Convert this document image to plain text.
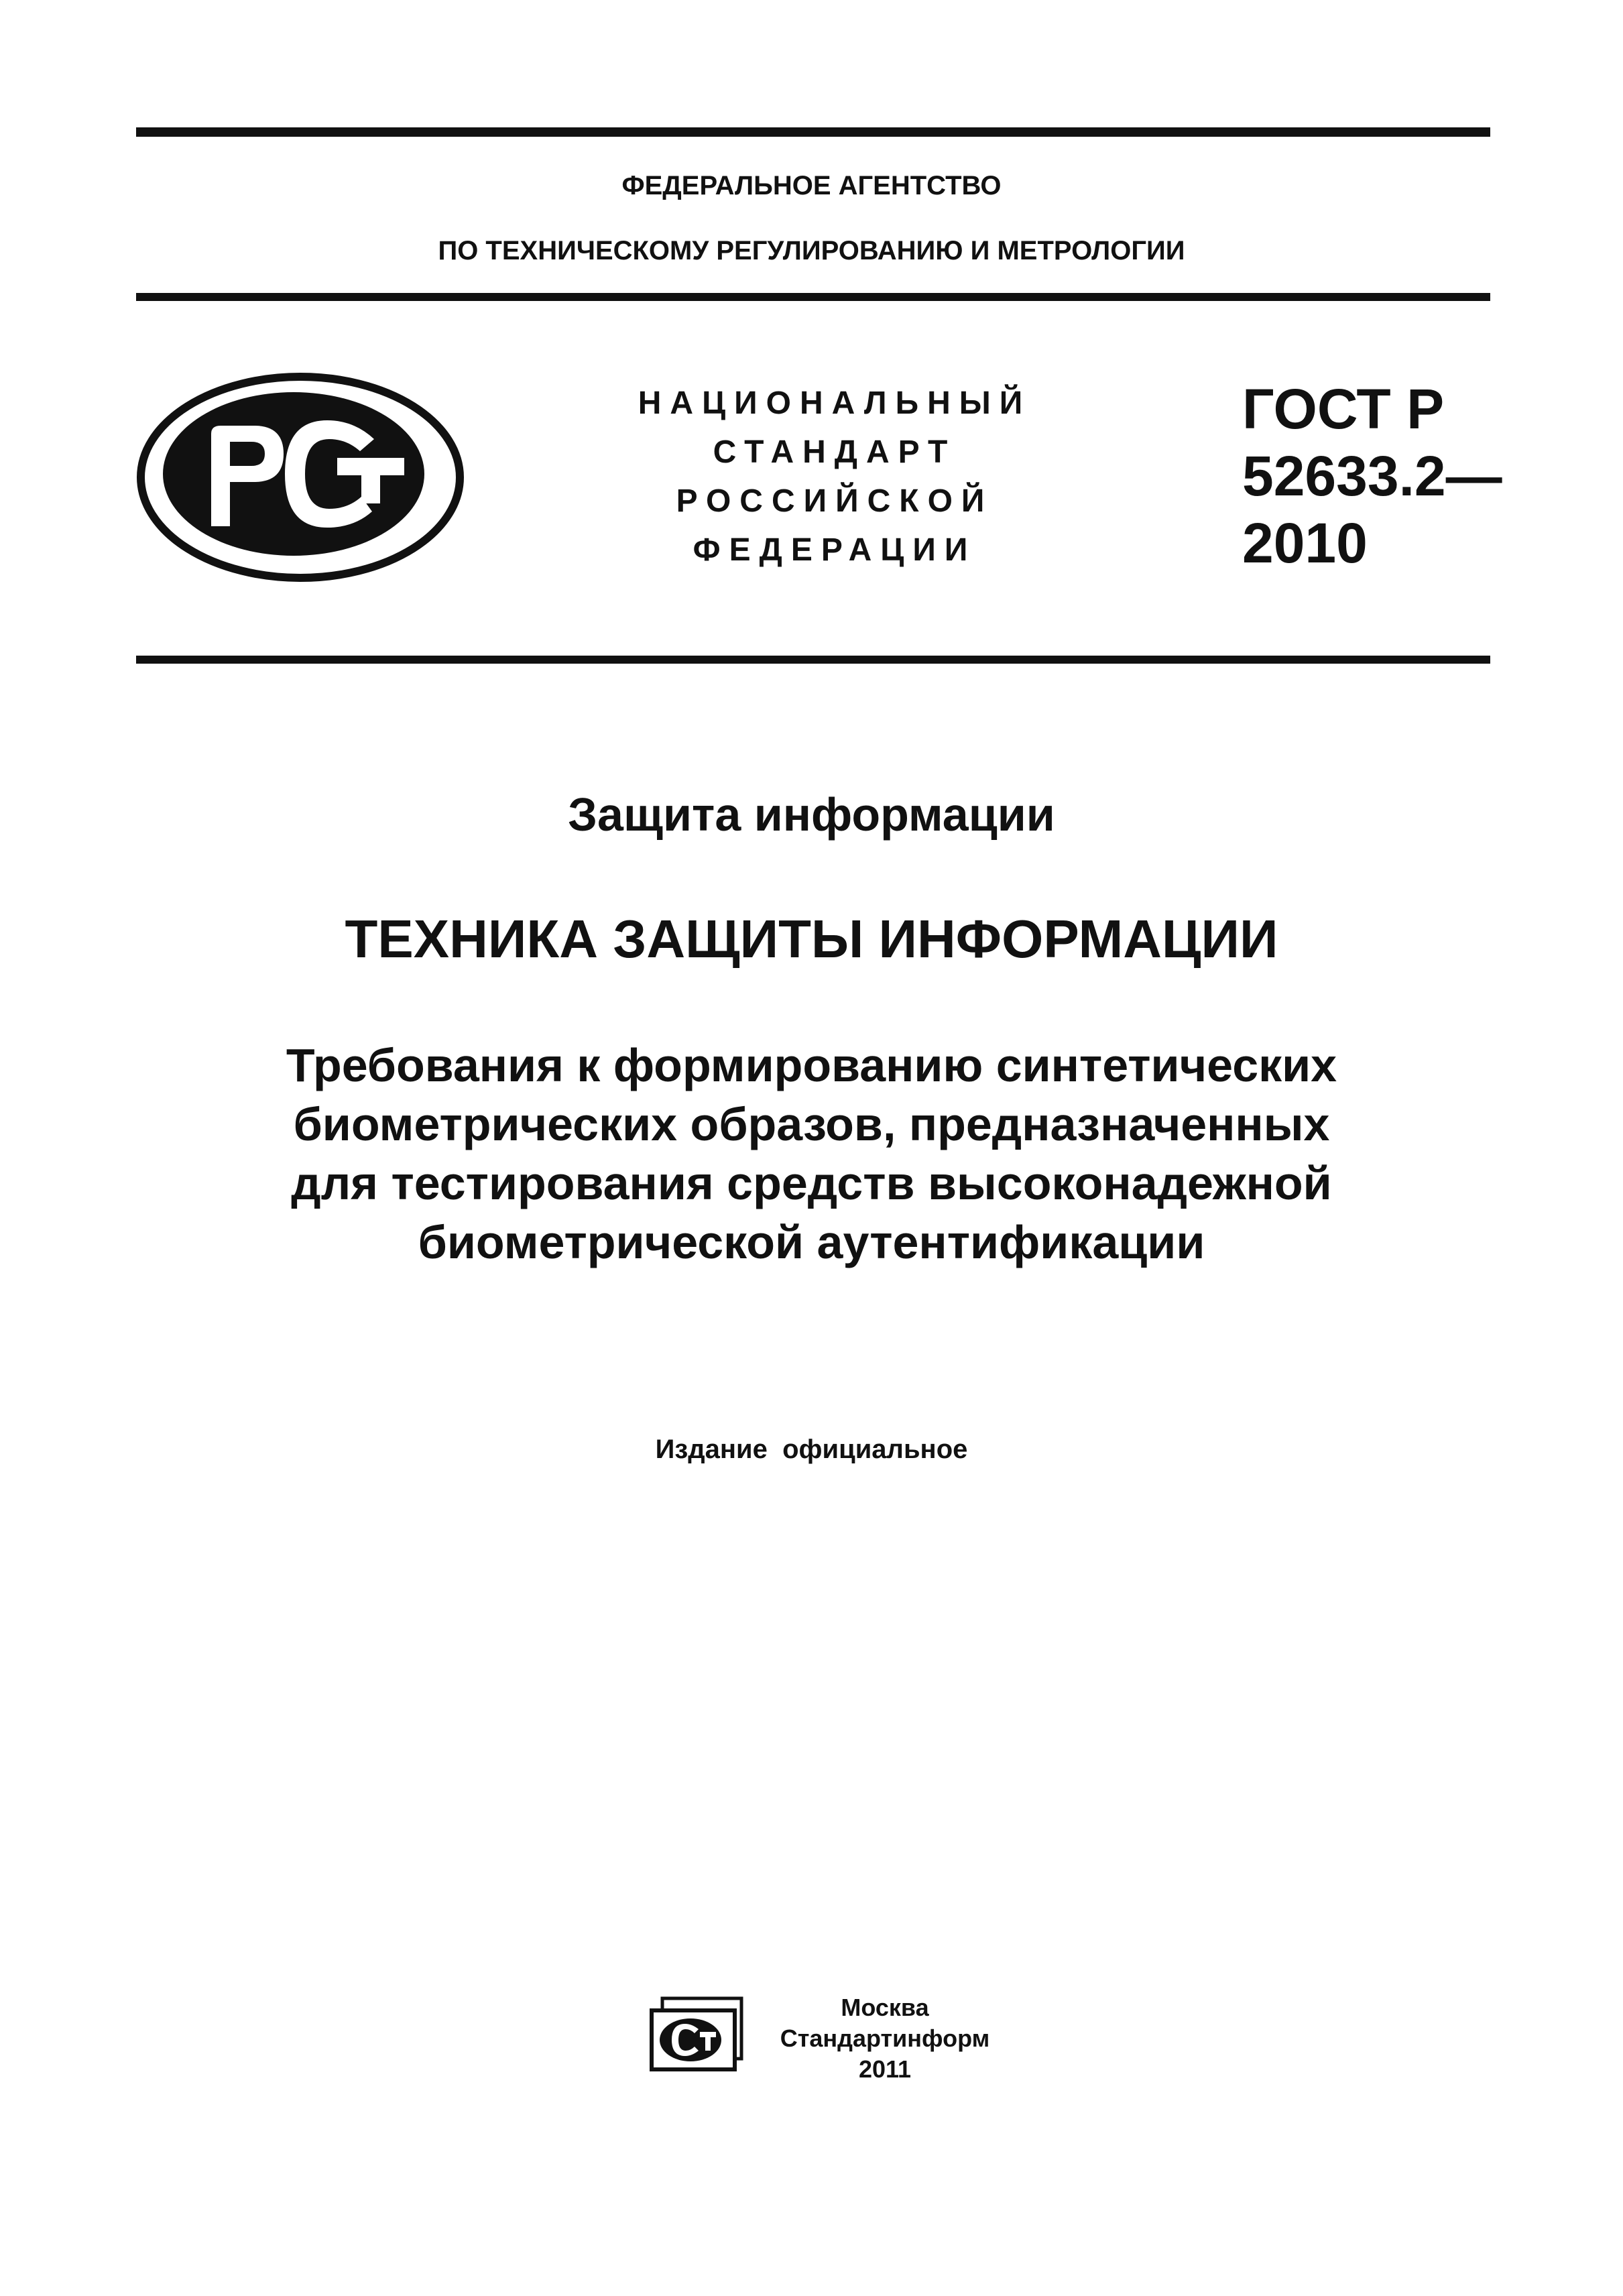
ФЕДЕРАЛЬНОЕ АГЕНТСТВО
ПО ТЕХНИЧЕСКОМУ РЕГУЛИРОВАНИЮ И МЕТРОЛОГИИ
НАЦИОНАЛЬНЫЙ
СТАНДАРТ
РОССИЙСКОЙ
ФЕДЕРАЦИИ
ГОСТ Р
52633.2—
2010
Защита информации
ТЕХНИКА ЗАЩИТЫ ИНФОРМАЦИИ
Требования к формированию синтетических
биометрических образов, предназначенных
для тестирования средств высоконадежной
биометрической аутентификации
Издание  официальное
Москва
Стандартинформ
2011
